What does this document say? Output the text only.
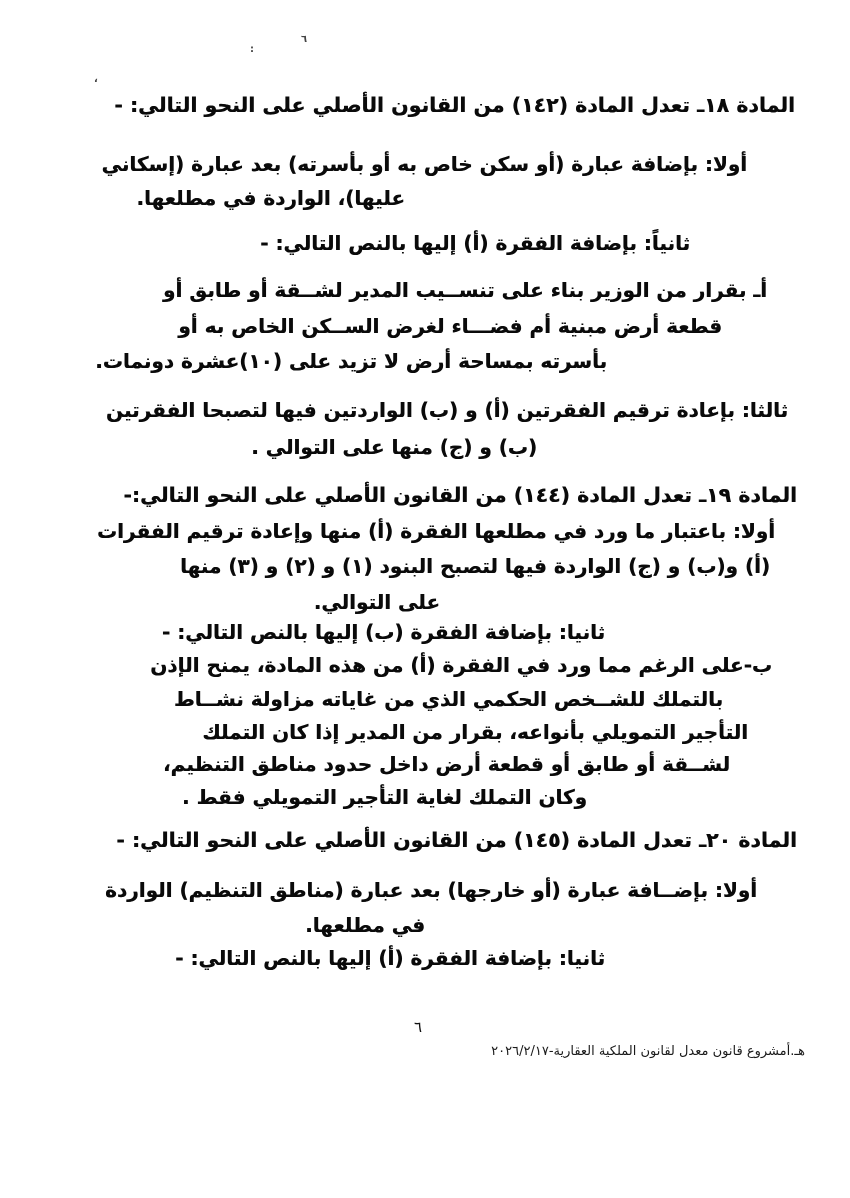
:
٦
،
المادة ١٨ـ تعدل المادة (١٤٢) من القانون الأصلي على النحو التالي: -
أولا: بإضافة عبارة (أو سكن خاص به أو بأسرته) بعد عبارة (إسكاني
عليها)، الواردة في مطلعها.
ثانياً: بإضافة الفقرة (أ) إليها بالنص التالي: -
أـ بقرار من الوزير بناء على تنســيب المدير لشــقة أو طابق أو
قطعة أرض مبنية أم فضـــاء لغرض الســكن الخاص به أو
بأسرته بمساحة أرض لا تزيد على (١٠)عشرة دونمات.
ثالثا: بإعادة ترقيم الفقرتين (أ) و (ب) الواردتين فيها لتصبحا الفقرتين
(ب) و (ج) منها على التوالي .
المادة ١٩ـ تعدل المادة (١٤٤) من القانون الأصلي على النحو التالي:-
أولا: باعتبار ما ورد في مطلعها الفقرة (أ) منها وإعادة ترقيم الفقرات
(أ) و(ب) و (ج) الواردة فيها لتصبح البنود (١) و (٢) و (٣) منها
على التوالي.
ثانيا: بإضافة الفقرة (ب) إليها بالنص التالي: -
ب-على الرغم مما ورد في الفقرة (أ) من هذه المادة، يمنح الإذن
بالتملك للشــخص الحكمي الذي من غاياته مزاولة نشــاط
التأجير التمويلي بأنواعه، بقرار من المدير إذا كان التملك
لشــقة أو طابق أو قطعة أرض داخل حدود مناطق التنظيم،
وكان التملك لغاية التأجير التمويلي فقط .
المادة ٢٠ـ تعدل المادة (١٤٥) من القانون الأصلي على النحو التالي: -
أولا: بإضــافة عبارة (أو خارجها) بعد عبارة (مناطق التنظيم) الواردة
في مطلعها.
ثانيا: بإضافة الفقرة (أ) إليها بالنص التالي: -
٦
هـ.أمشروع قانون معدل لقانون الملكية العقارية-٢٠٢٦/٢/١٧
